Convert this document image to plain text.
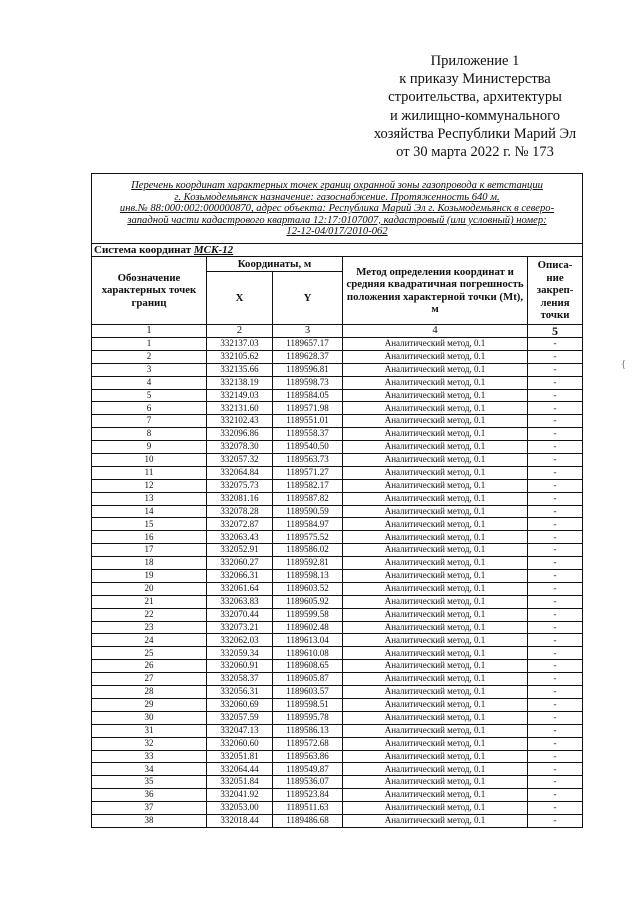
Приложение 1
к приказу Министерства
строительства, архитектуры
и жилищно-коммунального
хозяйства Республики Марий Эл
от 30 марта 2022 г. № 173
Перечень координат характерных точек границ охранной зоны газопровода к ветстанции
г. Козьмодемьянск назначение: газоснабжение. Протяженность 640 м.
инв.№ 88:000:002:000000870, адрес объекта: Республика Марий Эл г. Козьмодемьянск в северо-
западной части кадастрового квартала 12:17:0107007, кадастровый (или условный) номер:
12-12-04/017/2010-062				
Система координат МСК-12				
Обозначение характерных точек границ	Координаты, м		Метод определения координат и средняя квадратичная погрешность положения характерной точки (Mt), м	Описа- ние закреп- ления точки
	X	Y		
1	2	3	4	5
1	332137.03	1189657.17	Аналитический метод, 0.1	-
2	332105.62	1189628.37	Аналитический метод, 0.1	-
3	332135.66	1189596.81	Аналитический метод, 0.1	-
4	332138.19	1189598.73	Аналитический метод, 0.1	-
5	332149.03	1189584.05	Аналитический метод, 0.1	-
6	332131.60	1189571.98	Аналитический метод, 0.1	-
7	332102.43	1189551.01	Аналитический метод, 0.1	-
8	332096.86	1189558.37	Аналитический метод, 0.1	-
9	332078.30	1189540.50	Аналитический метод, 0.1	-
10	332057.32	1189563.73	Аналитический метод, 0.1	-
11	332064.84	1189571.27	Аналитический метод, 0.1	-
12	332075.73	1189582.17	Аналитический метод, 0.1	-
13	332081.16	1189587.82	Аналитический метод, 0.1	-
14	332078.28	1189590.59	Аналитический метод, 0.1	-
15	332072.87	1189584.97	Аналитический метод, 0.1	-
16	332063.43	1189575.52	Аналитический метод, 0.1	-
17	332052.91	1189586.02	Аналитический метод, 0.1	-
18	332060.27	1189592.81	Аналитический метод, 0.1	-
19	332066.31	1189598.13	Аналитический метод, 0.1	-
20	332061.64	1189603.52	Аналитический метод, 0.1	-
21	332063.83	1189605.92	Аналитический метод, 0.1	-
22	332070.44	1189599.58	Аналитический метод, 0.1	-
23	332073.21	1189602.48	Аналитический метод, 0.1	-
24	332062.03	1189613.04	Аналитический метод, 0.1	-
25	332059.34	1189610.08	Аналитический метод, 0.1	-
26	332060.91	1189608.65	Аналитический метод, 0.1	-
27	332058.37	1189605.87	Аналитический метод, 0.1	-
28	332056.31	1189603.57	Аналитический метод, 0.1	-
29	332060.69	1189598.51	Аналитический метод, 0.1	-
30	332057.59	1189595.78	Аналитический метод, 0.1	-
31	332047.13	1189586.13	Аналитический метод, 0.1	-
32	332060.60	1189572.68	Аналитический метод, 0.1	-
33	332051.81	1189563.86	Аналитический метод, 0.1	-
34	332064.44	1189549.87	Аналитический метод, 0.1	-
35	332051.84	1189536.07	Аналитический метод, 0.1	-
36	332041.92	1189523.84	Аналитический метод, 0.1	-
37	332053.00	1189511.63	Аналитический метод, 0.1	-
38	332018.44	1189486.68	Аналитический метод, 0.1	-
{
